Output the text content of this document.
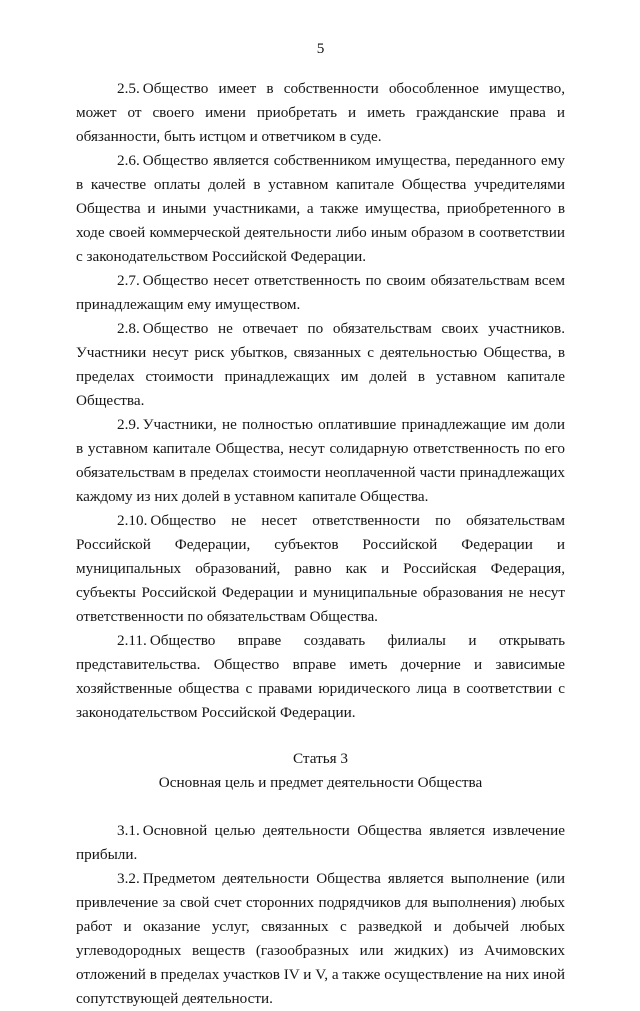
5

2.5. Общество имеет в собственности обособленное имущество, может от своего имени приобретать и иметь гражданские права и обязанности, быть истцом и ответчиком в суде.

2.6. Общество является собственником имущества, переданного ему в качестве оплаты долей в уставном капитале Общества учредителями Общества и иными участниками, а также имущества, приобретенного в ходе своей коммерческой деятельности либо иным образом в соответствии с законодательством Российской Федерации.

2.7. Общество несет ответственность по своим обязательствам всем принадлежащим ему имуществом.

2.8. Общество не отвечает по обязательствам своих участников. Участники несут риск убытков, связанных с деятельностью Общества, в пределах стоимости принадлежащих им долей в уставном капитале Общества.

2.9. Участники, не полностью оплатившие принадлежащие им доли в уставном капитале Общества, несут солидарную ответственность по его обязательствам в пределах стоимости неоплаченной части принадлежащих каждому из них долей в уставном капитале Общества.

2.10. Общество не несет ответственности по обязательствам Российской Федерации, субъектов Российской Федерации и муниципальных образований, равно как и Российская Федерация, субъекты Российской Федерации и муниципальные образования не несут ответственности по обязательствам Общества.

2.11. Общество вправе создавать филиалы и открывать представительства. Общество вправе иметь дочерние и зависимые хозяйственные общества с правами юридического лица в соответствии с законодательством Российской Федерации.

Статья 3
Основная цель и предмет деятельности Общества

3.1. Основной целью деятельности Общества является извлечение прибыли.

3.2. Предметом деятельности Общества является выполнение (или привлечение за свой счет сторонних подрядчиков для выполнения) любых работ и оказание услуг, связанных с разведкой и добычей любых углеводородных веществ (газообразных или жидких) из Ачимовских отложений в пределах участков IV и V, а также осуществление на них иной сопутствующей деятельности.
